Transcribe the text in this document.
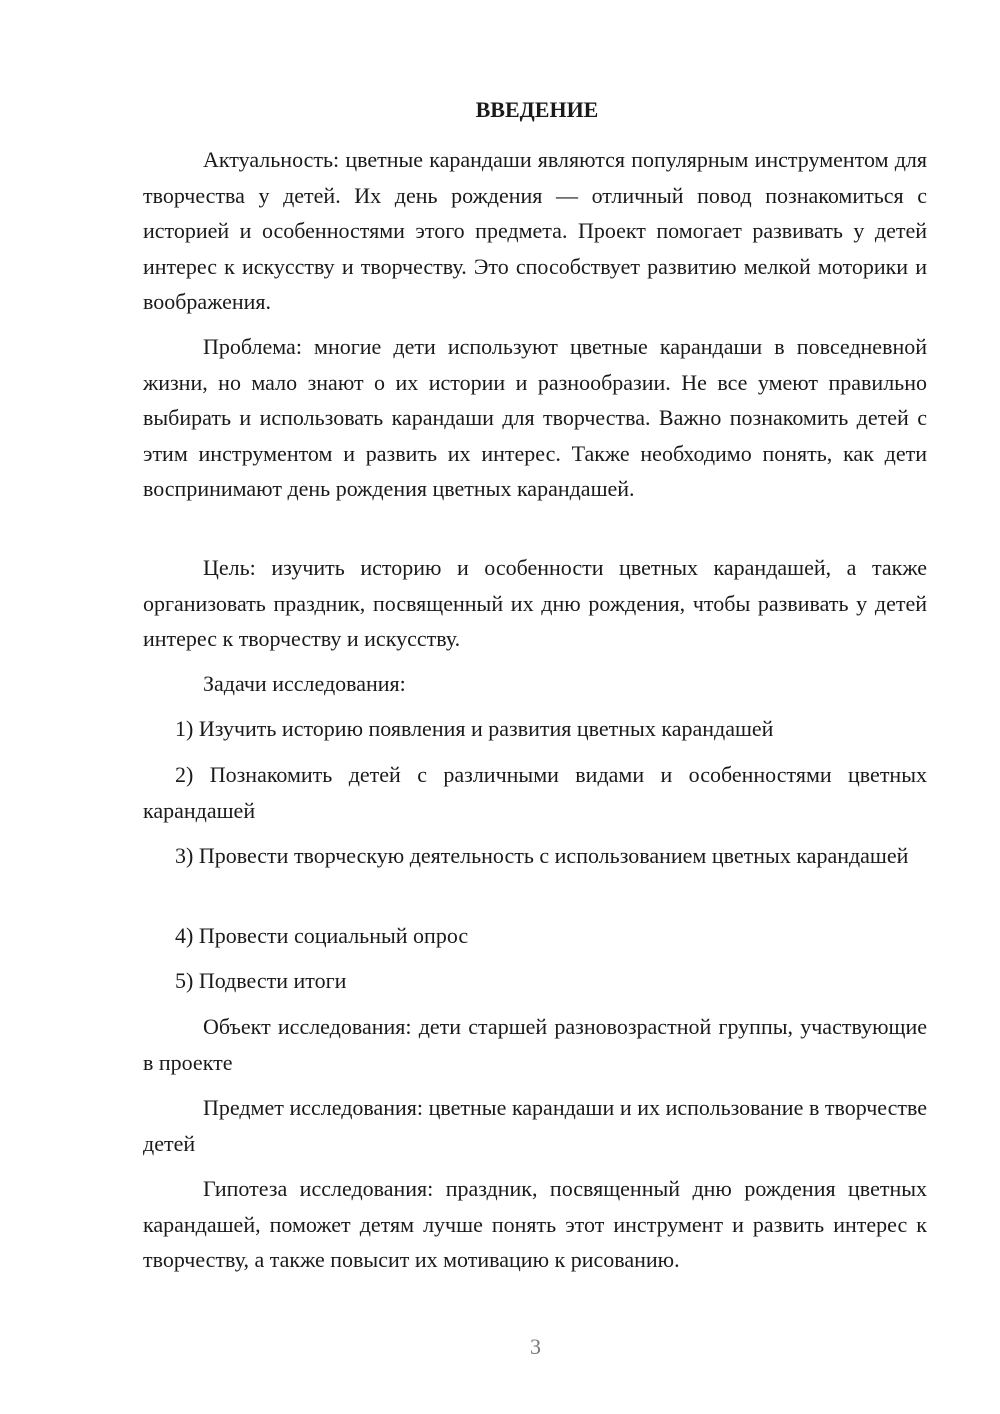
ВВЕДЕНИЕ

Актуальность: цветные карандаши являются популярным инструментом для творчества у детей. Их день рождения — отличный повод познакомиться с историей и особенностями этого предмета. Проект помогает развивать у детей интерес к искусству и творчеству. Это способствует развитию мелкой моторики и воображения.

Проблема: многие дети используют цветные карандаши в повседневной жизни, но мало знают о их истории и разнообразии. Не все умеют правильно выбирать и использовать карандаши для творчества. Важно познакомить детей с этим инструментом и развить их интерес. Также необходимо понять, как дети воспринимают день рождения цветных карандашей.

Цель: изучить историю и особенности цветных карандашей, а также организовать праздник, посвященный их дню рождения, чтобы развивать у детей интерес к творчеству и искусству.

Задачи исследования:

1) Изучить историю появления и развития цветных карандашей

2) Познакомить детей с различными видами и особенностями цветных карандашей

3) Провести творческую деятельность с использованием цветных карандашей

4) Провести социальный опрос

5) Подвести итоги

Объект исследования: дети старшей разновозрастной группы, участвующие в проекте

Предмет исследования: цветные карандаши и их использование в творчестве детей

Гипотеза исследования: праздник, посвященный дню рождения цветных карандашей, поможет детям лучше понять этот инструмент и развить интерес к творчеству, а также повысит их мотивацию к рисованию.

3
